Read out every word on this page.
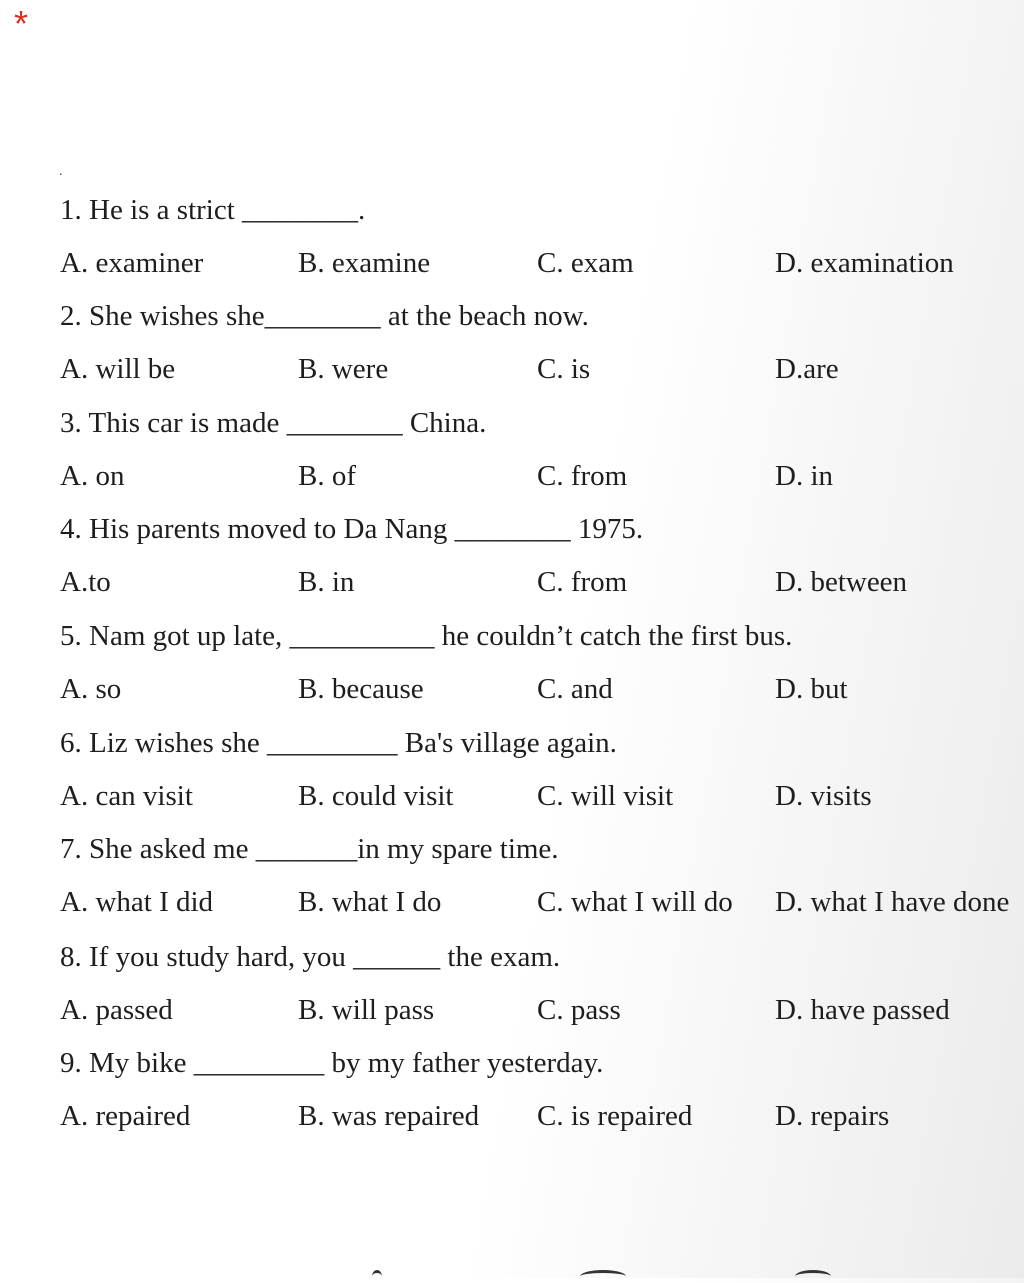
*
.
1. He is a strict ________.
A. examiner	B. examine	C. exam	D. examination
2. She wishes she________ at the beach now.
A. will be	B. were	C. is	D.are
3. This car is made ________ China.
A. on	B. of	C. from	D. in
4. His parents moved to Da Nang ________ 1975.
A.to	B. in	C. from	D. between
5. Nam got up late, __________ he couldn’t catch the first bus.
A. so	B. because	C. and	D. but
6. Liz wishes she _________ Ba's village again.
A. can visit	B. could visit	C. will visit	D. visits
7. She asked me _______in my spare time.
A. what I did	B. what I do	C. what I will do D. what I have done
8. If you study hard, you ______ the exam.
A. passed	B. will pass	C. pass	D. have passed
9. My bike _________ by my father yesterday.
A. repaired	B. was repaired C. is repaired	D. repairs
